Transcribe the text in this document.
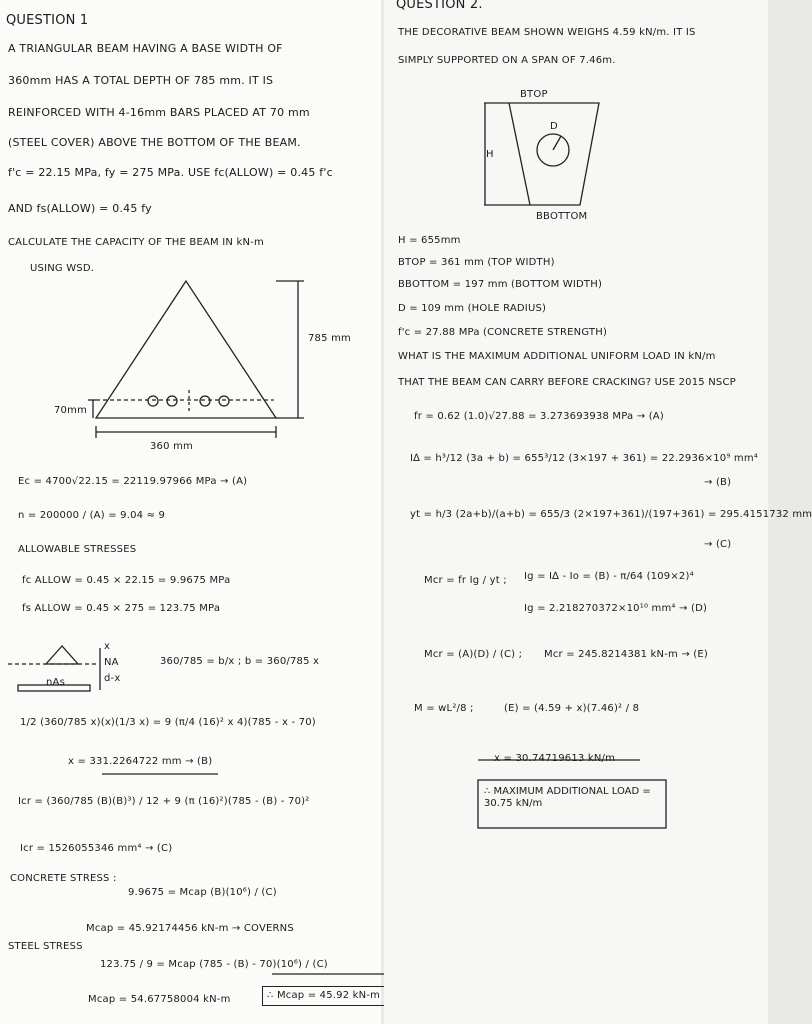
QUESTION 1
A TRIANGULAR BEAM HAVING A BASE WIDTH OF
360mm HAS A TOTAL DEPTH OF 785 mm. IT IS
REINFORCED WITH 4-16mm BARS PLACED AT 70 mm
(STEEL COVER) ABOVE THE BOTTOM OF THE BEAM.
f'c = 22.15 MPa, fy = 275 MPa. USE fc(ALLOW) = 0.45 f'c
AND fs(ALLOW) = 0.45 fy
CALCULATE THE CAPACITY OF THE BEAM IN kN-m
USING WSD.
785 mm
70mm
360 mm
Ec = 4700√22.15 = 22119.97966 MPa → (A)
n = 200000 / (A) = 9.04 ≈ 9
ALLOWABLE STRESSES
fc ALLOW = 0.45 × 22.15 = 9.9675 MPa
fs ALLOW = 0.45 × 275 = 123.75 MPa
x
NA
d-x
nAs
360/785 = b/x ; b = 360/785 x
1/2 (360/785 x)(x)(1/3 x) = 9 (π/4 (16)² x 4)(785 - x - 70)
x = 331.2264722 mm → (B)
Icr = (360/785 (B)(B)³) / 12 + 9 (π (16)²)(785 - (B) - 70)²
Icr = 1526055346 mm⁴ → (C)
CONCRETE STRESS :
9.9675 = Mcap (B)(10⁶) / (C)
Mcap = 45.92174456 kN-m → COVERNS
STEEL STRESS
123.75 / 9 = Mcap (785 - (B) - 70)(10⁶) / (C)
Mcap = 54.67758004 kN-m	∴ Mcap = 45.92 kN-m
QUESTION 2.
THE DECORATIVE BEAM SHOWN WEIGHS 4.59 kN/m. IT IS
SIMPLY SUPPORTED ON A SPAN OF 7.46m.
BTOP
H
D
BBOTTOM
H = 655mm
BTOP = 361 mm (TOP WIDTH)
BBOTTOM = 197 mm (BOTTOM WIDTH)
D = 109 mm (HOLE RADIUS)
f'c = 27.88 MPa (CONCRETE STRENGTH)
WHAT IS THE MAXIMUM ADDITIONAL UNIFORM LOAD IN kN/m
THAT THE BEAM CAN CARRY BEFORE CRACKING? USE 2015 NSCP
fr = 0.62 (1.0)√27.88 = 3.273693938 MPa → (A)
I∆ = h³/12 (3a + b) = 655³/12 (3×197 + 361) = 22.2936×10⁹ mm⁴
→ (B)
yt = h/3 (2a+b)/(a+b) = 655/3 (2×197+361)/(197+361) = 295.4151732 mm
→ (C)
Mcr = fr Ig / yt ; Ig = I∆ - Io = (B) - π/64 (109×2)⁴
Ig = 2.218270372×10¹⁰ mm⁴ → (D)
Mcr = (A)(D) / (C) ; Mcr = 245.8214381 kN-m → (E)
M = wL²/8 ;	(E) = (4.59 + x)(7.46)² / 8
x = 30.74719613 kN/m
∴ MAXIMUM ADDITIONAL LOAD = 30.75 kN/m
